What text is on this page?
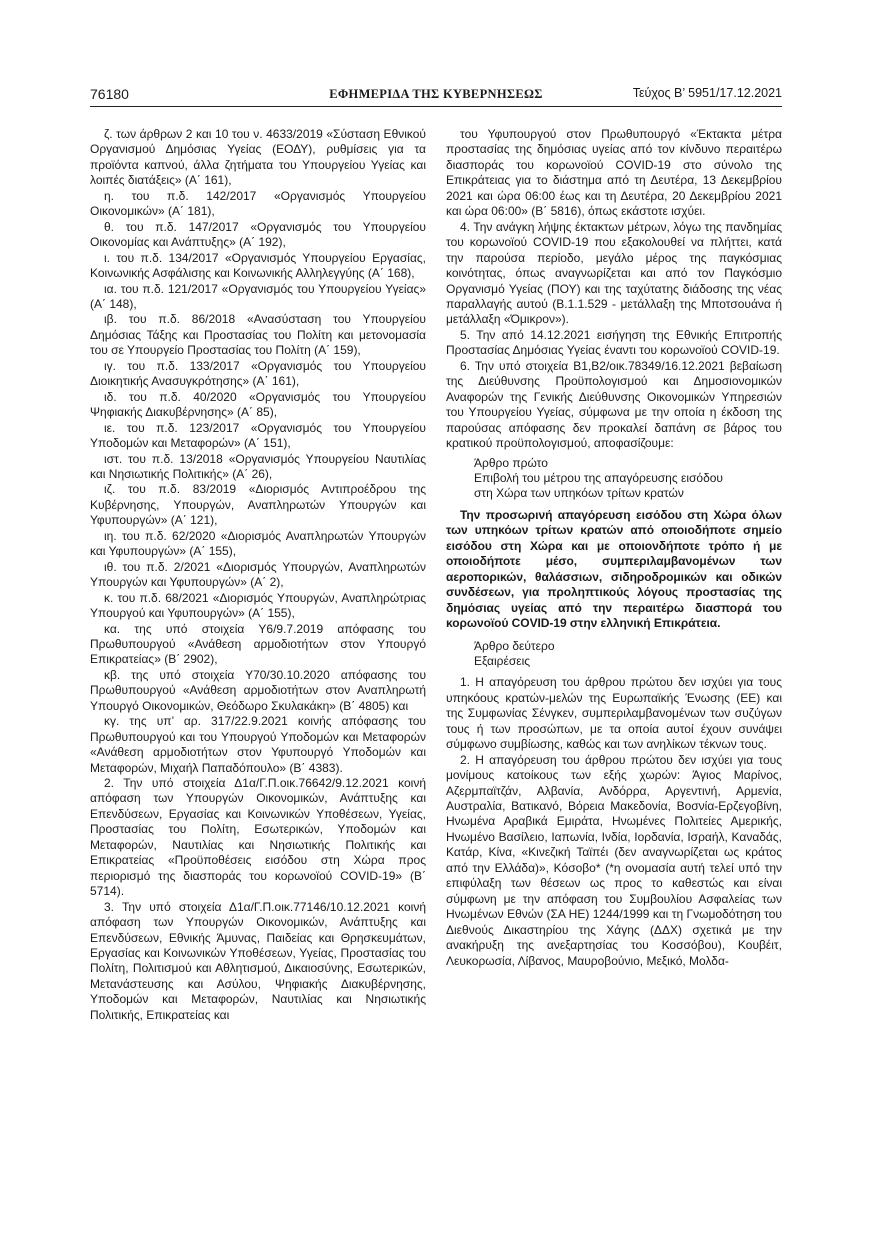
76180	ΕΦΗΜΕΡΙΔΑ ΤΗΣ ΚΥΒΕΡΝΗΣΕΩΣ	Τεύχος Β’ 5951/17.12.2021

ζ. των άρθρων 2 και 10 του ν. 4633/2019 «Σύσταση Εθνικού Οργανισμού Δημόσιας Υγείας (ΕΟΔΥ), ρυθμίσεις για τα προϊόντα καπνού, άλλα ζητήματα του Υπουργείου Υγείας και λοιπές διατάξεις» (Α΄ 161),

η. του π.δ. 142/2017 «Οργανισμός Υπουργείου Οικονομικών» (Α΄ 181),

θ. του π.δ. 147/2017 «Οργανισμός του Υπουργείου Οικονομίας και Ανάπτυξης» (Α΄ 192),

ι. του π.δ. 134/2017 «Οργανισμός Υπουργείου Εργασίας, Κοινωνικής Ασφάλισης και Κοινωνικής Αλληλεγγύης (Α΄ 168),

ια. του π.δ. 121/2017 «Οργανισμός του Υπουργείου Υγείας» (Α΄ 148),

ιβ. του π.δ. 86/2018 «Ανασύσταση του Υπουργείου Δημόσιας Τάξης και Προστασίας του Πολίτη και μετονομασία του σε Υπουργείο Προστασίας του Πολίτη (Α΄ 159),

ιγ. του π.δ. 133/2017 «Οργανισμός του Υπουργείου Διοικητικής Ανασυγκρότησης» (Α΄ 161),

ιδ. του π.δ. 40/2020 «Οργανισμός του Υπουργείου Ψηφιακής Διακυβέρνησης» (Α΄ 85),

ιε. του π.δ. 123/2017 «Οργανισμός του Υπουργείου Υποδομών και Μεταφορών» (Α΄ 151),

ιστ. του π.δ. 13/2018 «Οργανισμός Υπουργείου Ναυτιλίας και Νησιωτικής Πολιτικής» (Α΄ 26),

ιζ. του π.δ. 83/2019 «Διορισμός Αντιπροέδρου της Κυβέρνησης, Υπουργών, Αναπληρωτών Υπουργών και Υφυπουργών» (Α΄ 121),

ιη. του π.δ. 62/2020 «Διορισμός Αναπληρωτών Υπουργών και Υφυπουργών» (Α΄ 155),

ιθ. του π.δ. 2/2021 «Διορισμός Υπουργών, Αναπληρωτών Υπουργών και Υφυπουργών» (Α΄ 2),

κ. του π.δ. 68/2021 «Διορισμός Υπουργών, Αναπληρώτριας Υπουργού και Υφυπουργών» (Α΄ 155),

κα. της υπό στοιχεία Υ6/9.7.2019 απόφασης του Πρωθυπουργού «Ανάθεση αρμοδιοτήτων στον Υπουργό Επικρατείας» (Β΄ 2902),

κβ. της υπό στοιχεία Υ70/30.10.2020 απόφασης του Πρωθυπουργού «Ανάθεση αρμοδιοτήτων στον Αναπληρωτή Υπουργό Οικονομικών, Θεόδωρο Σκυλακάκη» (Β΄ 4805) και

κγ. της υπ’ αρ. 317/22.9.2021 κοινής απόφασης του Πρωθυπουργού και του Υπουργού Υποδομών και Μεταφορών «Ανάθεση αρμοδιοτήτων στον Υφυπουργό Υποδομών και Μεταφορών, Μιχαήλ Παπαδόπουλο» (Β΄ 4383).

2. Την υπό στοιχεία Δ1α/Γ.Π.οικ.76642/9.12.2021 κοινή απόφαση των Υπουργών Οικονομικών, Ανάπτυξης και Επενδύσεων, Εργασίας και Κοινωνικών Υποθέσεων, Υγείας, Προστασίας του Πολίτη, Εσωτερικών, Υποδομών και Μεταφορών, Ναυτιλίας και Νησιωτικής Πολιτικής και Επικρατείας «Προϋποθέσεις εισόδου στη Χώρα προς περιορισμό της διασποράς του κορωνοϊού COVID-19» (Β΄ 5714).

3. Την υπό στοιχεία Δ1α/Γ.Π.οικ.77146/10.12.2021 κοινή απόφαση των Υπουργών Οικονομικών, Ανάπτυξης και Επενδύσεων, Εθνικής Άμυνας, Παιδείας και Θρησκευμάτων, Εργασίας και Κοινωνικών Υποθέσεων, Υγείας, Προστασίας του Πολίτη, Πολιτισμού και Αθλητισμού, Δικαιοσύνης, Εσωτερικών, Μετανάστευσης και Ασύλου, Ψηφιακής Διακυβέρνησης, Υποδομών και Μεταφορών, Ναυτιλίας και Νησιωτικής Πολιτικής, Επικρατείας και

του Υφυπουργού στον Πρωθυπουργό «Έκτακτα μέτρα προστασίας της δημόσιας υγείας από τον κίνδυνο περαιτέρω διασποράς του κορωνοϊού COVID-19 στο σύνολο της Επικράτειας για το διάστημα από τη Δευτέρα, 13 Δεκεμβρίου 2021 και ώρα 06:00 έως και τη Δευτέρα, 20 Δεκεμβρίου 2021 και ώρα 06:00» (Β΄ 5816), όπως εκάστοτε ισχύει.

4. Την ανάγκη λήψης έκτακτων μέτρων, λόγω της πανδημίας του κορωνοϊού COVID-19 που εξακολουθεί να πλήττει, κατά την παρούσα περίοδο, μεγάλο μέρος της παγκόσμιας κοινότητας, όπως αναγνωρίζεται και από τον Παγκόσμιο Οργανισμό Υγείας (ΠΟΥ) και της ταχύτατης διάδοσης της νέας παραλλαγής αυτού (Β.1.1.529 - μετάλλαξη της Μποτσουάνα ή μετάλλαξη «Όμικρον»).

5. Την από 14.12.2021 εισήγηση της Εθνικής Επιτροπής Προστασίας Δημόσιας Υγείας έναντι του κορωνοϊού COVID-19.

6. Την υπό στοιχεία Β1,Β2/οικ.78349/16.12.2021 βεβαίωση της Διεύθυνσης Προϋπολογισμού και Δημοσιονομικών Αναφορών της Γενικής Διεύθυνσης Οικονομικών Υπηρεσιών του Υπουργείου Υγείας, σύμφωνα με την οποία η έκδοση της παρούσας απόφασης δεν προκαλεί δαπάνη σε βάρος του κρατικού προϋπολογισμού, αποφασίζουμε:

Άρθρο πρώτο

Επιβολή του μέτρου της απαγόρευσης εισόδου

στη Χώρα των υπηκόων τρίτων κρατών

Την προσωρινή απαγόρευση εισόδου στη Χώρα όλων των υπηκόων τρίτων κρατών από οποιοδήποτε σημείο εισόδου στη Χώρα και με οποιονδήποτε τρόπο ή με οποιοδήποτε μέσο, συμπεριλαμβανομένων των αεροπορικών, θαλάσσιων, σιδηροδρομικών και οδικών συνδέσεων, για προληπτικούς λόγους προστασίας της δημόσιας υγείας από την περαιτέρω διασπορά του κορωνοϊού COVID-19 στην ελληνική Επικράτεια.

Άρθρο δεύτερο

Εξαιρέσεις

1. Η απαγόρευση του άρθρου πρώτου δεν ισχύει για τους υπηκόους κρατών-μελών της Ευρωπαϊκής Ένωσης (ΕΕ) και της Συμφωνίας Σένγκεν, συμπεριλαμβανομένων των συζύγων τους ή των προσώπων, με τα οποία αυτοί έχουν συνάψει σύμφωνο συμβίωσης, καθώς και των ανηλίκων τέκνων τους.

2. Η απαγόρευση του άρθρου πρώτου δεν ισχύει για τους μονίμους κατοίκους των εξής χωρών: Άγιος Μαρίνος, Αζερμπαϊτζάν, Αλβανία, Ανδόρρα, Αργεντινή, Αρμενία, Αυστραλία, Βατικανό, Βόρεια Μακεδονία, Βοσνία-Ερζεγοβίνη, Ηνωμένα Αραβικά Εμιράτα, Ηνωμένες Πολιτείες Αμερικής, Ηνωμένο Βασίλειο, Ιαπωνία, Ινδία, Ιορδανία, Ισραήλ, Καναδάς, Κατάρ, Κίνα, «Κινεζική Ταϊπέι (δεν αναγνωρίζεται ως κράτος από την Ελλάδα)», Κόσοβο* (*η ονομασία αυτή τελεί υπό την επιφύλαξη των θέσεων ως προς το καθεστώς και είναι σύμφωνη με την απόφαση του Συμβουλίου Ασφαλείας των Ηνωμένων Εθνών (ΣΑ ΗΕ) 1244/1999 και τη Γνωμοδότηση του Διεθνούς Δικαστηρίου της Χάγης (ΔΔΧ) σχετικά με την ανακήρυξη της ανεξαρτησίας του Κοσσόβου), Κουβέιτ, Λευκορωσία, Λίβανος, Μαυροβούνιο, Μεξικό, Μολδα-
